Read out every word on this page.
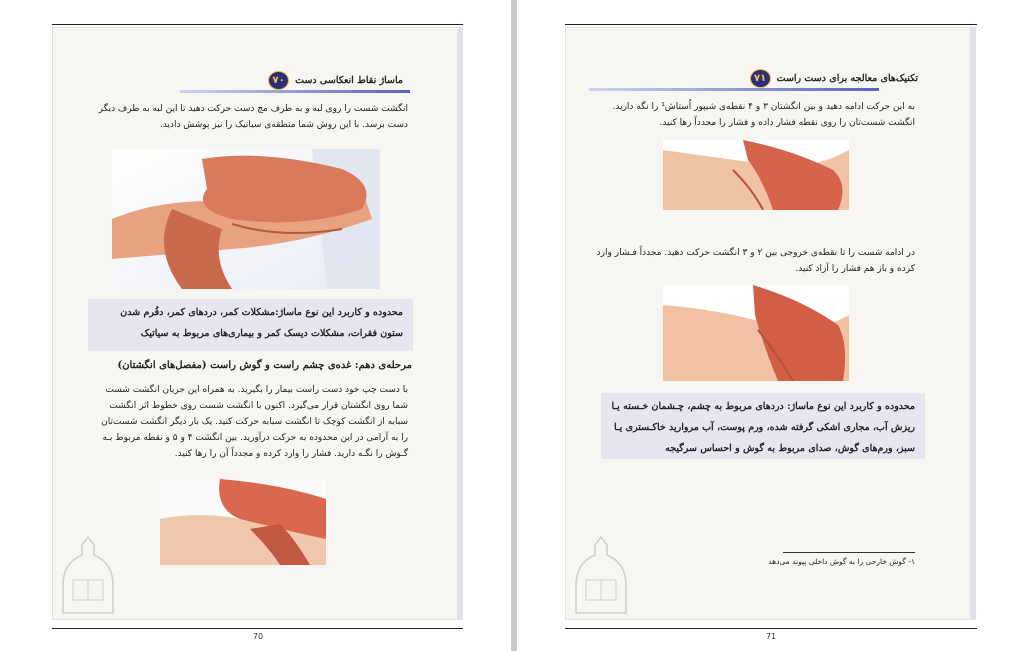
۷۰	ماساژ نقاط انعکاسی دست
انگشت شست را روی لبه و به طرف مچ دست حرکت دهید تا این لبه به طرف دیگر دست برسد. با این روش شما منطقه‌ی سیاتیک را نیز پوشش دادید.
محدوده و کاربرد این نوع ماساژ:مشکلات کمر، دردهای کمر، دفُرم شدن ستون فقرات، مشکلات دیسک کمر و بیماری‌های مربوط به سیاتیک
مرحله‌ی دهم: غده‌ی چشم راست و گوش راست (مفصل‌های انگشتان)
با دست چپ خود دست راست بیمار را بگیرید. به همراه این جریان انگشت شست شما روی انگشتان قرار می‌گیرد. اکنون با انگشت شست روی خطوط اثر انگشت سبابه از انگشت کوچک تا انگشت سبابه حرکت کنید. یک بار دیگر انگشت شست‌تان را به آرامی در این محدوده به حرکت درآورید. بین انگشت ۴ و ۵ و نقطه مربوط بـه گـوش را نگـه دارید. فشار را وارد کرده و مجدداً آن را رها کنید.
70
۷۱	تکنیک‌های معالجه برای دست راست
به این حرکت ادامه دهید و بین انگشتان ۳ و ۴ نقطه‌ی شیپور اُستاش¹ را نگه دارید. انگشت شست‌تان را روی نقطه فشار داده و فشار را مجدداً رها کنید.
در ادامه شست را تا نقطه‌ی خروجی بین ۲ و ۳ انگشت حرکت دهید. مجدداً فـشار وارد کرده و باز هم فشار را آزاد کنید.
محدوده و کاربرد این نوع ماساژ: دردهای مربوط به چشم، چـشمان خـسته یـا ریزش آب، مجاری اشکی گرفته شده، ورم پوست، آب مروارید خاکـستری یـا سبز، ورم‌های گوش، صدای مربوط به گوش و احساس سرگیجه
۱- گوش خارجی را به گوش داخلی پیوند می‌دهد
71
